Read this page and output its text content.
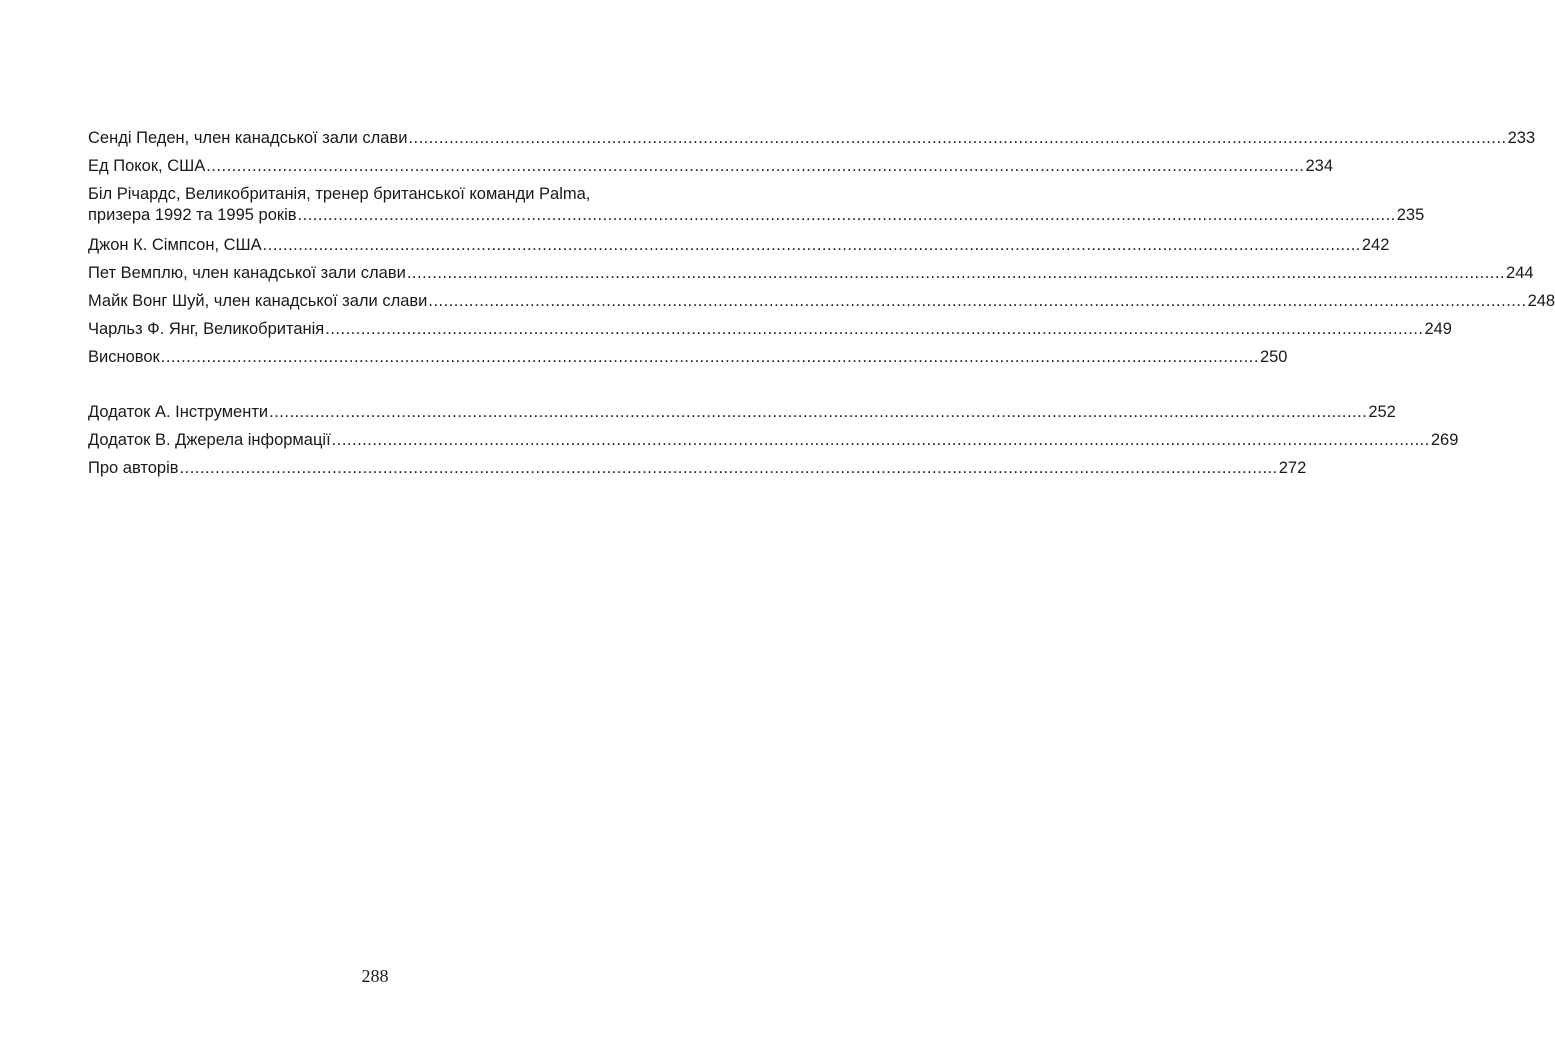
Сенді Педен, член канадської зали слави .....	233
Ед Покок, США .....	234
Біл Річардс, Великобританія, тренер британської команди Palma,
призера 1992 та 1995 років .....	235
Джон К. Сімпсон, США .....	242
Пет Вемплю, член канадської зали слави .....	244
Майк Вонг Шуй, член канадської зали слави .....	248
Чарльз Ф. Янг, Великобританія .....	249
Висновок .....	250
Додаток А. Інструменти .....	252
Додаток В. Джерела інформації .....	269
Про авторів .....	272
288
